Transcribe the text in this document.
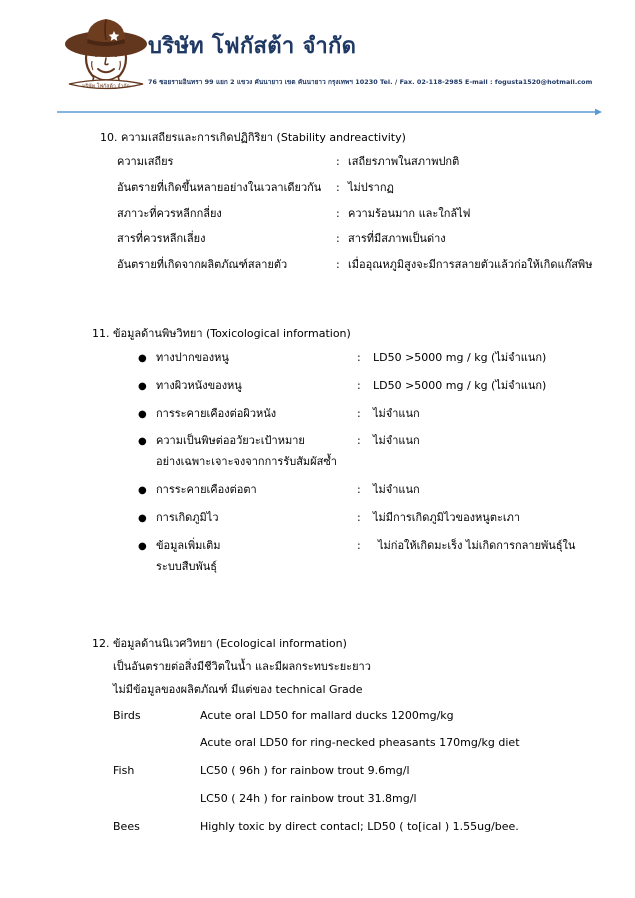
บริษัท โฟกัสต้า จำกัด
บริษัท โฟกัสต้า จำกัด
76 ซอยรามอินทรา 99 แยก 2 แขวง คันนายาว เขต คันนายาว กรุงเทพฯ 10230 Tel. / Fax. 02-118-2985 E-mail : fogusta1520@hotmail.com
10. ความเสถียรและการเกิดปฏิกิริยา (Stability andreactivity)
ความเสถียร	: เสถียรภาพในสภาพปกติ
อันตรายที่เกิดขึ้นหลายอย่างในเวลาเดียวกัน	: ไม่ปรากฏ
สภาวะที่ควรหลีกกลี่ยง	: ความร้อนมาก และใกล้ไฟ
สารที่ควรหลีกเลี่ยง	: สารที่มีสภาพเป็นด่าง
อันตรายที่เกิดจากผลิตภัณฑ์สลายตัว	: เมื่ออุณหภูมิสูงจะมีการสลายตัวแล้วก่อให้เกิดแก๊สพิษ
11. ข้อมูลด้านพิษวิทยา (Toxicological information)
● ทางปากของหนู	:	LD50 >5000 mg / kg (ไม่จำแนก)
● ทางผิวหนังของหนู	:	LD50 >5000 mg / kg (ไม่จำแนก)
● การระคายเคืองต่อผิวหนัง	:	ไม่จำแนก
● ความเป็นพิษต่ออวัยวะเป้าหมาย	:	ไม่จำแนก
อย่างเฉพาะเจาะจงจากการรับสัมผัสซ้ำ
● การระคายเคืองต่อตา	:	ไม่จำแนก
● การเกิดภูมิไว	:	ไม่มีการเกิดภูมิไวของหนูตะเภา
● ข้อมูลเพิ่มเติม	:	ไม่ก่อให้เกิดมะเร็ง ไม่เกิดการกลายพันธุ์ใน
ระบบสืบพันธุ์
12. ข้อมูลด้านนิเวศวิทยา (Ecological information)
เป็นอันตรายต่อสิ่งมีชีวิตในน้ำ และมีผลกระทบระยะยาว
ไม่มีข้อมูลของผลิตภัณฑ์ มีแต่ของ technical Grade
Birds	Acute oral LD50 for mallard ducks 1200mg/kg
Acute oral LD50 for ring-necked pheasants 170mg/kg diet
Fish	LC50 ( 96h ) for rainbow trout 9.6mg/l
LC50 ( 24h ) for rainbow trout 31.8mg/l
Bees	Highly toxic by direct contacl; LD50 ( to[ical ) 1.55ug/bee.
